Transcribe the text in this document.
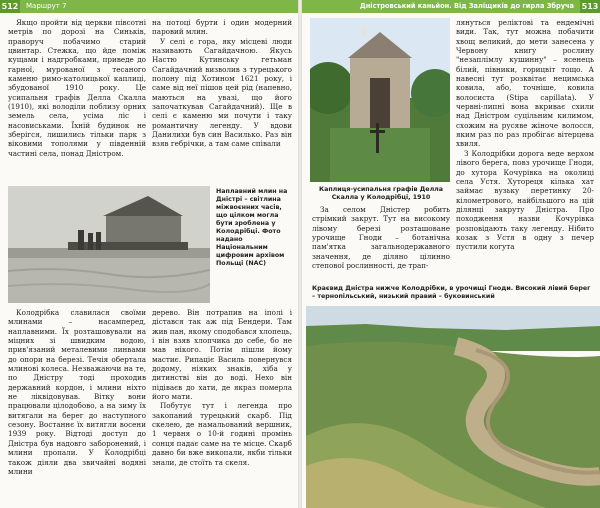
512 Маршрут 7

Якщо пройти від церкви півсотні метрів по дорозі на Синьків, праворуч побачимо старий цвинтар. Стежка, що йде поміж кущами і надгробками, приведе до гарної, мурованої з тесаного каменю римо-католицької каплиці, збудованої 1910 року. Це усипальня графів Делла Скалла (1910), які володіли поблизу орних земель села, усіма ліс і насовиськами. Їхній будинок не зберігся, лишились тільки парк з віковими тополями у південній частині села, понад Дністром.

на потоці бурти і один модерний паровий млин.

У селі є гора, яку місцеві люди називають Сагайдачною. Якусь Настю Кутинську гетьман Сагайдачний визволив з турецького полону під Хотином 1621 року, і саме від неї пішов цей рід (напевно, маються на увазі, що його започаткував Сагайдачний). Ще в селі є каменю ми почути і таку романтичну легенду. У вдови Данилихи був син Василько. Раз він взяв гебрічки, а там саме співали

Наплавний млин на Дністрі – світлина міжвоєнних часів, що цілком могла бути зроблена у Колодрібці. Фото надано Національним цифровим архівом Польщі (NAC)

Колодрібка славилася своїми млинами – насамперед, наплавними. Їх розташовували на міцних зі швидким водою, прив'язаний металевими линвами до опори на березі. Течія обертала млинові колеса. Незважаючи на те, по Дністру тоді проходив державний кордон, і млини ніхто не ліквідовував. Вітку вони працювали цілодобово, а на зиму їх витягали на берег до наступного сезону. Востаннє їх витягли восени 1939 року. Відтоді доступ до Дністра був надовго заборонений, і млини пропали. У Колодрібці також діяли два звичайні водяні млини

дерево. Він потрапив на іполі і дістався так аж під Бендери. Там жив пан, якому сподобався хлопець, і він взяв хлопчика до себе, бо не мав нікого. Потім пішли йому мастиє. Рипаціє Василь повернувся додому, ніяких знаків, хіба у дитинстві він до воді. Нехо він підіваєв до хати, де якраз померла його мати.

Побутує тут і легенда про закопаний турецький скарб. Під скелею, де намальований вершник, 1 червня о 10-й годині промінь сонця падає саме на те місце. Скарб давно би вже викопали, якби тільки знали, де стоїть та скеля.

Дністровський каньйон. Від Заліщиків до гирла Збруча 513

лянуться реліктові та ендемічні види. Так, тут можна побачити хвощ великий, до мети занесена у Червону книгу рослину "незаплімлу кушинну" – ясенець білий, півники, горицвіт тощо. А навесні тут розквітає нецимська ковила, або, точніше, ковила волосиста (Stipa capillata). У червні-липні вона вкриває схили над Дністром суцільним килимом, схожим на русяве жіноче волосся, яким раз по раз пробігає вітерцева хвиля.

З Колодрібки дорога веде верхом лівого берега, повз урочище Гноди, до хутора Кочурівка на околиці села Устя. Хутореця кілька хат займає вузьку перетинку 20-кілометрового, найбільшого на цій ділянці закруту Дністра. Про походження назви Кочурівка розповідають таку легенду. Нібито козак з Устя в одну з печер пустили когута

Каплиця-усипальня графів Делла Скалла у Колодрібці, 1910

За селом Дністер робить стрімкий закрут. Тут на високому лівому березі розташоване урочище Гноди – ботанічна пам'ятка загальнодержавного значення, де діляно цілинно степової рослинності, де трап-

Краєвид Дністра нижче Колодрібки, в урочищі Гноди. Високий лівий берег – тернопільський, низький правий – буковинський
